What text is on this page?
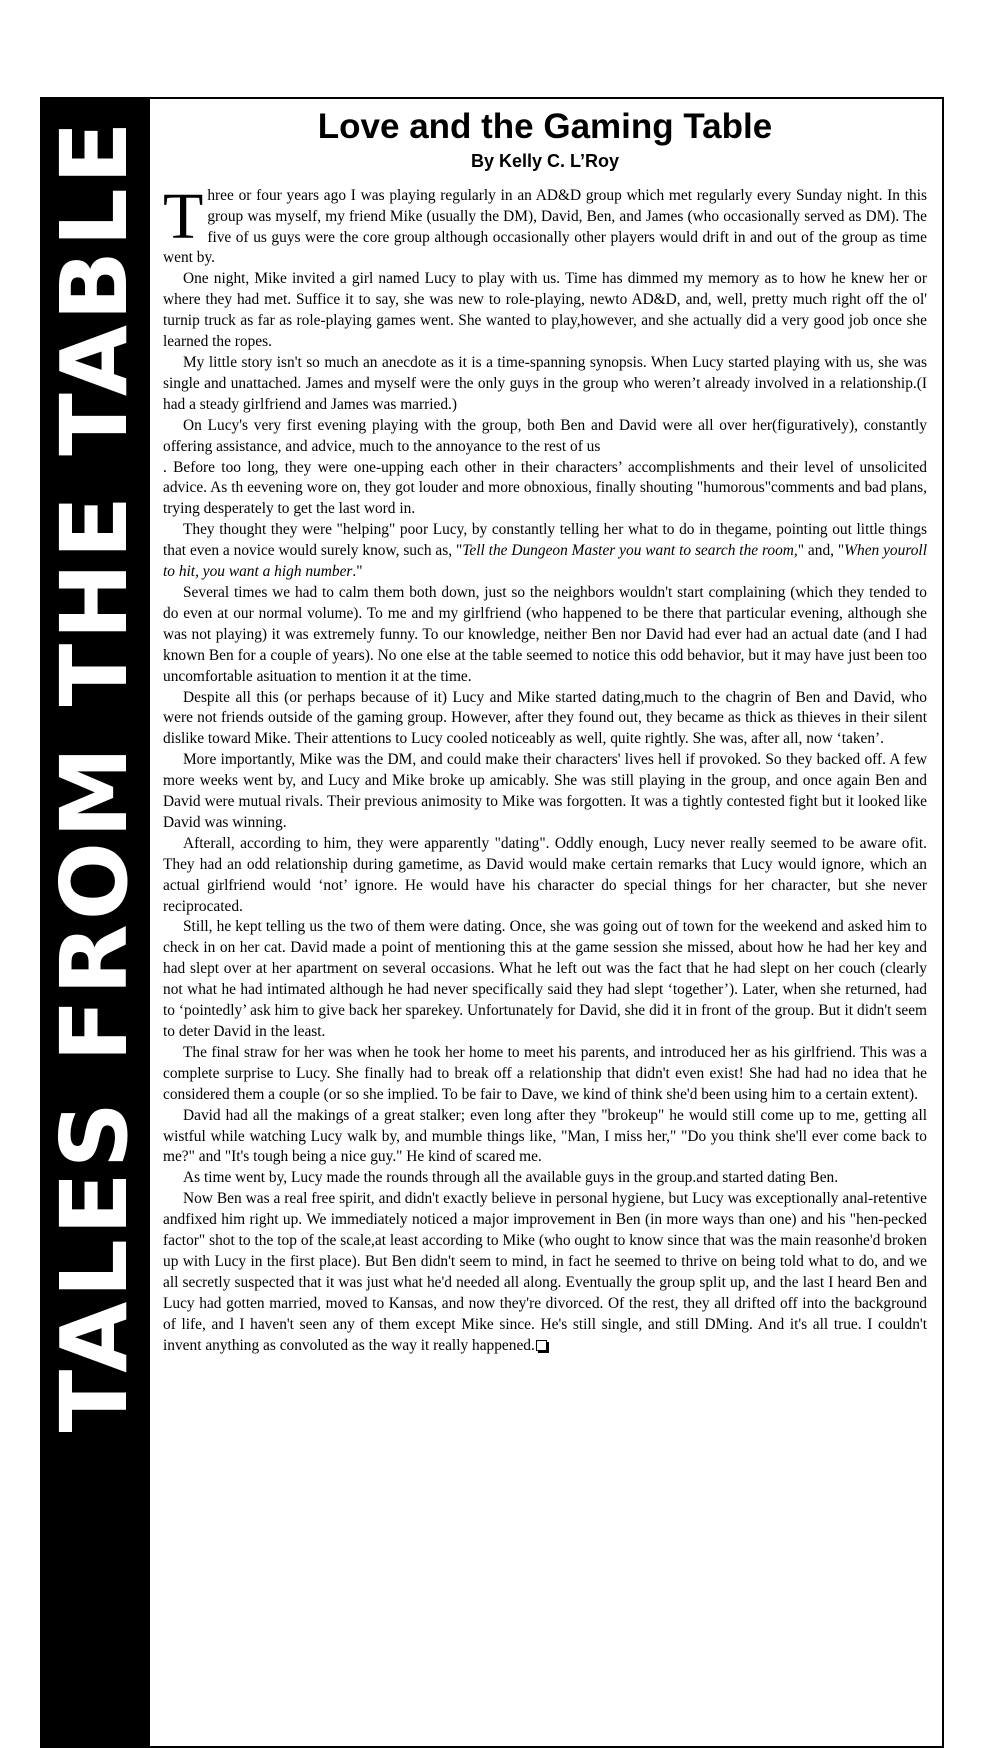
TALES FROM THE TABLE	Love and the Gaming Table
By Kelly C. L’Roy

Three or four years ago I was playing regularly in an AD&D group which met regularly every Sunday night. In this group was myself, my friend Mike (usually the DM), David, Ben, and James (who occasionally served as DM). The five of us guys were the core group although occasionally other players would drift in and out of the group as time went by.

One night, Mike invited a girl named Lucy to play with us. Time has dimmed my memory as to how he knew her or where they had met. Suffice it to say, she was new to role-playing, newto AD&D, and, well, pretty much right off the ol' turnip truck as far as role-playing games went. She wanted to play,however, and she actually did a very good job once she learned the ropes.

My little story isn't so much an anecdote as it is a time-spanning synopsis. When Lucy started playing with us, she was single and unattached. James and myself were the only guys in the group who weren’t already involved in a relationship.(I had a steady girlfriend and James was married.)

On Lucy's very first evening playing with the group, both Ben and David were all over her(figuratively), constantly offering assistance, and advice, much to the annoyance to the rest of us

. Before too long, they were one-upping each other in their characters’ accomplishments and their level of unsolicited advice. As th eevening wore on, they got louder and more obnoxious, finally shouting "humorous"comments and bad plans, trying desperately to get the last word in.

They thought they were "helping" poor Lucy, by constantly telling her what to do in thegame, pointing out little things that even a novice would surely know, such as, "Tell the Dungeon Master you want to search the room," and, "When youroll to hit, you want a high number."

Several times we had to calm them both down, just so the neighbors wouldn't start complaining (which they tended to do even at our normal volume). To me and my girlfriend (who happened to be there that particular evening, although she was not playing) it was extremely funny. To our knowledge, neither Ben nor David had ever had an actual date (and I had known Ben for a couple of years). No one else at the table seemed to notice this odd behavior, but it may have just been too uncomfortable asituation to mention it at the time.

Despite all this (or perhaps because of it) Lucy and Mike started dating,much to the chagrin of Ben and David, who were not friends outside of the gaming group. However, after they found out, they became as thick as thieves in their silent dislike toward Mike. Their attentions to Lucy cooled noticeably as well, quite rightly. She was, after all, now ‘taken’.

More importantly, Mike was the DM, and could make their characters' lives hell if provoked. So they backed off. A few more weeks went by, and Lucy and Mike broke up amicably. She was still playing in the group, and once again Ben and David were mutual rivals. Their previous animosity to Mike was forgotten. It was a tightly contested fight but it looked like David was winning.

Afterall, according to him, they were apparently "dating". Oddly enough, Lucy never really seemed to be aware ofit. They had an odd relationship during gametime, as David would make certain remarks that Lucy would ignore, which an actual girlfriend would ‘not’ ignore. He would have his character do special things for her character, but she never reciprocated.

Still, he kept telling us the two of them were dating. Once, she was going out of town for the weekend and asked him to check in on her cat. David made a point of mentioning this at the game session she missed, about how he had her key and had slept over at her apartment on several occasions. What he left out was the fact that he had slept on her couch (clearly not what he had intimated although he had never specifically said they had slept ‘together’). Later, when she returned, had to ‘pointedly’ ask him to give back her sparekey. Unfortunately for David, she did it in front of the group. But it didn't seem to deter David in the least.

The final straw for her was when he took her home to meet his parents, and introduced her as his girlfriend. This was a complete surprise to Lucy. She finally had to break off a relationship that didn't even exist! She had had no idea that he considered them a couple (or so she implied. To be fair to Dave, we kind of think she'd been using him to a certain extent).

David had all the makings of a great stalker; even long after they "brokeup" he would still come up to me, getting all wistful while watching Lucy walk by, and mumble things like, "Man, I miss her," "Do you think she'll ever come back to me?" and "It's tough being a nice guy." He kind of scared me.

As time went by, Lucy made the rounds through all the available guys in the group.and started dating Ben.

Now Ben was a real free spirit, and didn't exactly believe in personal hygiene, but Lucy was exceptionally anal-retentive andfixed him right up. We immediately noticed a major improvement in Ben (in more ways than one) and his "hen-pecked factor" shot to the top of the scale,at least according to Mike (who ought to know since that was the main reasonhe'd broken up with Lucy in the first place). But Ben didn't seem to mind, in fact he seemed to thrive on being told what to do, and we all secretly suspected that it was just what he'd needed all along. Eventually the group split up, and the last I heard Ben and Lucy had gotten married, moved to Kansas, and now they're divorced. Of the rest, they all drifted off into the background of life, and I haven't seen any of them except Mike since. He's still single, and still DMing. And it's all true. I couldn't invent anything as convoluted as the way it really happened.
